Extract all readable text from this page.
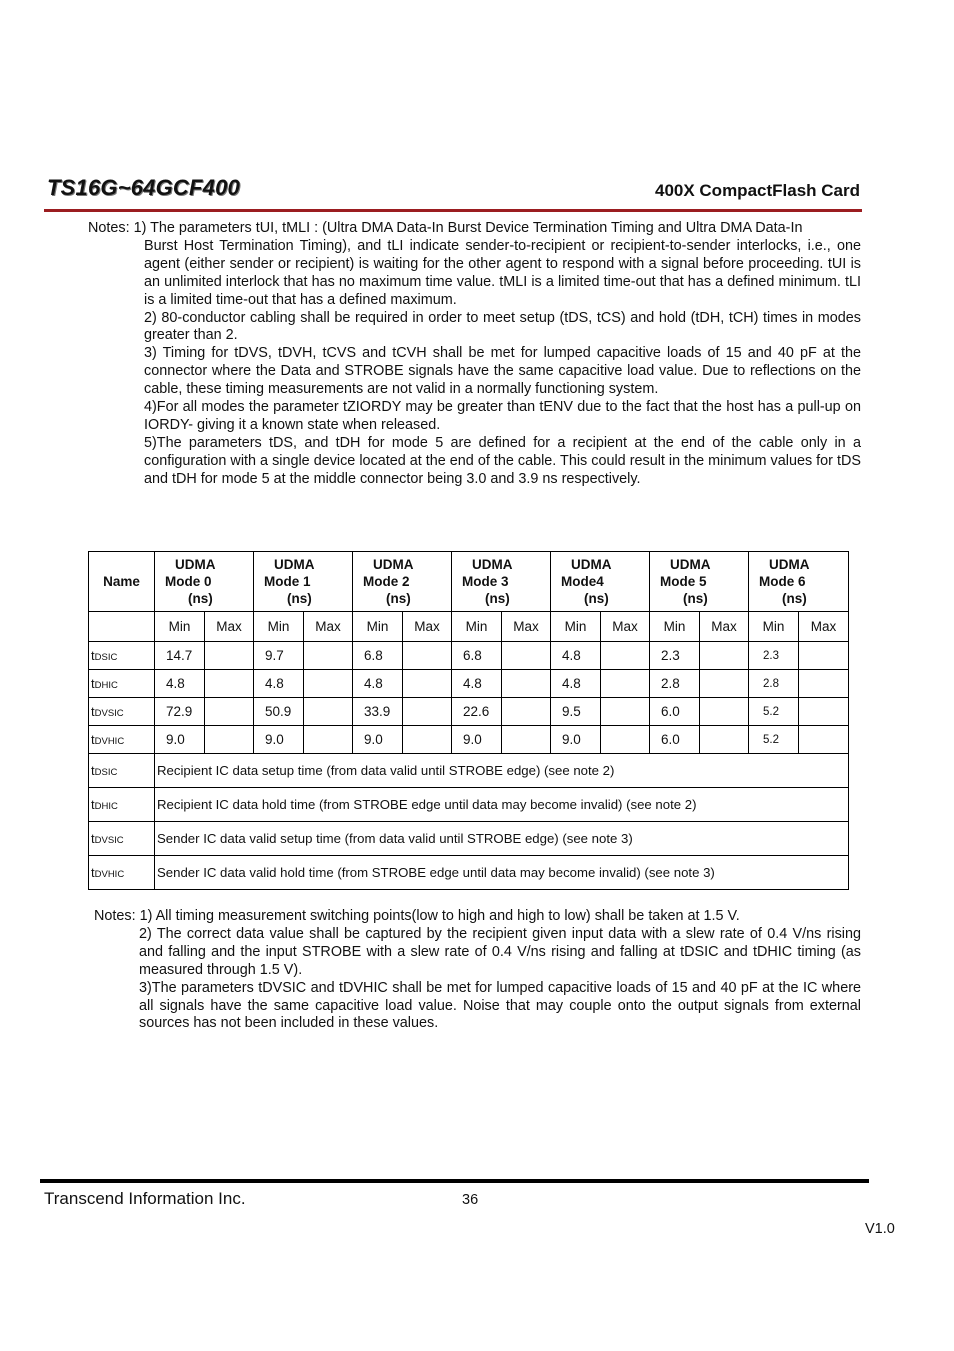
TS16G~64GCF400	400X CompactFlash Card

Notes: 1) The parameters tUI, tMLI : (Ultra DMA Data-In Burst Device Termination Timing and Ultra DMA Data-In

Burst Host Termination Timing), and tLI indicate sender-to-recipient or recipient-to-sender interlocks, i.e., one agent (either sender or recipient) is waiting for the other agent to respond with a signal before proceeding. tUI is an unlimited interlock that has no maximum time value. tMLI is a limited time-out that has a defined minimum. tLI is a limited time-out that has a defined maximum.

2) 80-conductor cabling shall be required in order to meet setup (tDS, tCS) and hold (tDH, tCH) times in modes greater than 2.

3) Timing for tDVS, tDVH, tCVS and tCVH shall be met for lumped capacitive loads of 15 and 40 pF at the connector where the Data and STROBE signals have the same capacitive load value. Due to reflections on the cable, these timing measurements are not valid in a normally functioning system.

4)For all modes the parameter tZIORDY may be greater than tENV due to the fact that the host has a pull-up on IORDY- giving it a known state when released.

5)The parameters tDS, and tDH for mode 5 are defined for a recipient at the end of the cable only in a configuration with a single device located at the end of the cable. This could result in the minimum values for tDS and tDH for mode 5 at the middle connector being 3.0 and 3.9 ns respectively.

Name	UDMA
Mode 0
(ns)		UDMA
Mode 1
(ns)		UDMA
Mode 2
(ns)		UDMA
Mode 3
(ns)		UDMA
Mode4
(ns)		UDMA
Mode 5
(ns)		UDMA
Mode 6
(ns)	

	Min	Max	Min	Max	Min	Max	Min	Max	Min	Max	Min	Max	Min	Max
tDSIC	14.7		9.7		6.8		6.8		4.8		2.3		2.3	
tDHIC	4.8		4.8		4.8		4.8		4.8		2.8		2.8	
tDVSIC	72.9		50.9		33.9		22.6		9.5		6.0		5.2	
tDVHIC	9.0		9.0		9.0		9.0		9.0		6.0		5.2	
tDSIC	Recipient IC data setup time (from data valid until STROBE edge) (see note 2)													
tDHIC	Recipient IC data hold time (from STROBE edge until data may become invalid) (see note 2)													
tDVSIC	Sender IC data valid setup time (from data valid until STROBE edge) (see note 3)													
tDVHIC	Sender IC data valid hold time (from STROBE edge until data may become invalid) (see note 3)													

Notes: 1) All timing measurement switching points(low to high and high to low) shall be taken at 1.5 V.

2) The correct data value shall be captured by the recipient given input data with a slew rate of 0.4 V/ns rising and falling and the input STROBE with a slew rate of 0.4 V/ns rising and falling at tDSIC and tDHIC timing (as measured through 1.5 V).

3)The parameters tDVSIC and tDVHIC shall be met for lumped capacitive loads of 15 and 40 pF at the IC where all signals have the same capacitive load value. Noise that may couple onto the output signals from external sources has not been included in these values.

Transcend Information Inc.	36
V1.0
